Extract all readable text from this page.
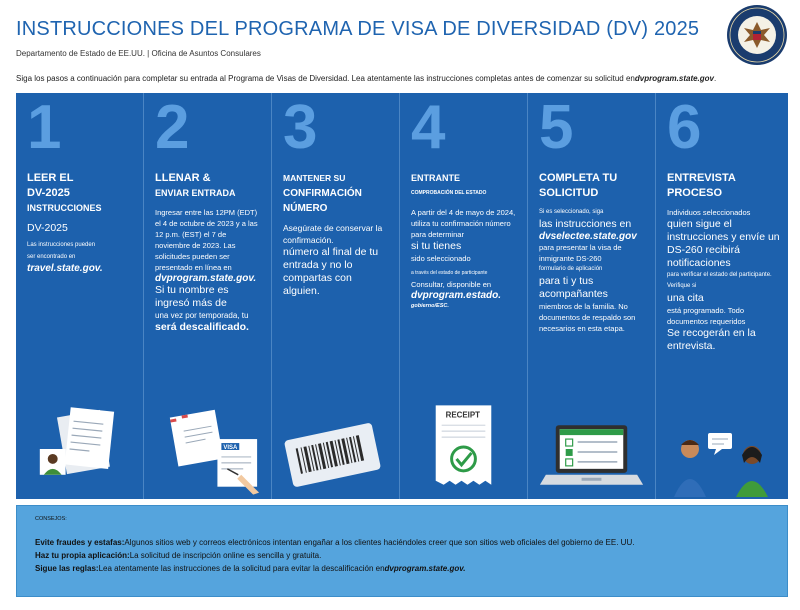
INSTRUCCIONES DEL PROGRAMA DE VISA DE DIVERSIDAD (DV) 2025
Departamento de Estado de EE.UU. | Oficina de Asuntos Consulares
Siga los pasos a continuación para completar su entrada al Programa de Visas de Diversidad. Lea atentamente las instrucciones completas antes de comenzar su solicitud endvprogram.state.gov.
1
LEER EL
DV-2025
INSTRUCCIONES
DV-2025
Las instrucciones pueden
ser encontrado en
travel.state.gov.
2
LLENAR &
ENVIAR ENTRADA
Ingresar entre las 12PM (EDT) el 4 de octubre de 2023 y a las 12 p.m. (EST) el 7 de noviembre de 2023. Las solicitudes pueden ser presentado en línea en
dvprogram.state.gov.
Si tu nombre es ingresó más de
una vez por temporada, tu
será descalificado.
VISA
3
MANTENER SU
CONFIRMACIÓN
NÚMERO
Asegúrate de conservar la confirmación.
número al final de tu entrada y no lo compartas con alguien.
4
ENTRANTE
COMPROBACIÓN DEL ESTADO
A partir del 4 de mayo de 2024, utiliza tu confirmación número para determinar
si tu tienes
sido seleccionado
a través del estado de participante
Consultar, disponible en
dvprogram.estado.
gobierno/ESC.
RECEIPT
5
COMPLETA TU
SOLICITUD
Si es seleccionado, siga
las instrucciones en
dvselectee.state.gov
para presentar la visa de inmigrante DS-260
formulario de aplicación
para ti y tus acompañantes
miembros de la familia. No documentos de respaldo son necesarios en esta etapa.
6
ENTREVISTA
PROCESO
Individuos seleccionados
quien sigue el instrucciones y envíe un DS-260 recibirá notificaciones
para verificar el estado del participante. Verifique si
una cita
está programado. Todo documentos requeridos
Se recogerán en la entrevista.
CONSEJOS:
Evite fraudes y estafas:Algunos sitios web y correos electrónicos intentan engañar a los clientes haciéndoles creer que son sitios web oficiales del gobierno de EE. UU.
Haz tu propia aplicación:La solicitud de inscripción online es sencilla y gratuita.
Sigue las reglas:Lea atentamente las instrucciones de la solicitud para evitar la descalificación endvprogram.state.gov.
